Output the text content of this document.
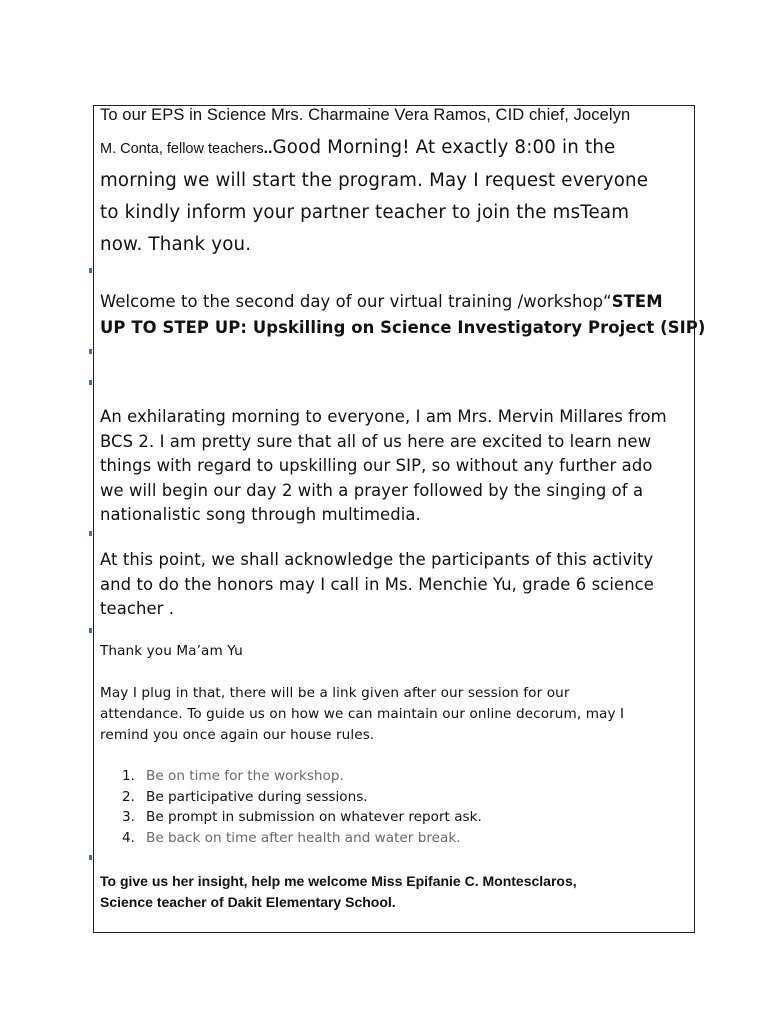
To our EPS in Science Mrs. Charmaine Vera Ramos, CID chief, Jocelyn
M. Conta, fellow teachers..Good Morning! At exactly 8:00 in the
morning we will start the program. May I request everyone
to kindly inform your partner teacher to join the msTeam
now. Thank you.
Welcome to the second day of our virtual training /workshop“STEM
UP TO STEP UP: Upskilling on Science Investigatory Project (SIP)
An exhilarating morning to everyone, I am Mrs. Mervin Millares from
BCS 2. I am pretty sure that all of us here are excited to learn new
things with regard to upskilling our SIP, so without any further ado
we will begin our day 2 with a prayer followed by the singing of a
nationalistic song through multimedia.
At this point, we shall acknowledge the participants of this activity
and to do the honors may I call in Ms. Menchie Yu, grade 6 science
teacher .
Thank you Ma’am Yu
May I plug in that, there will be a link given after our session for our
attendance. To guide us on how we can maintain our online decorum, may I
remind you once again our house rules.
1. Be on time for the workshop.
2. Be participative during sessions.
3. Be prompt in submission on whatever report ask.
4. Be back on time after health and water break.
To give us her insight, help me welcome Miss Epifanie C. Montesclaros,
Science teacher of Dakit Elementary School.
